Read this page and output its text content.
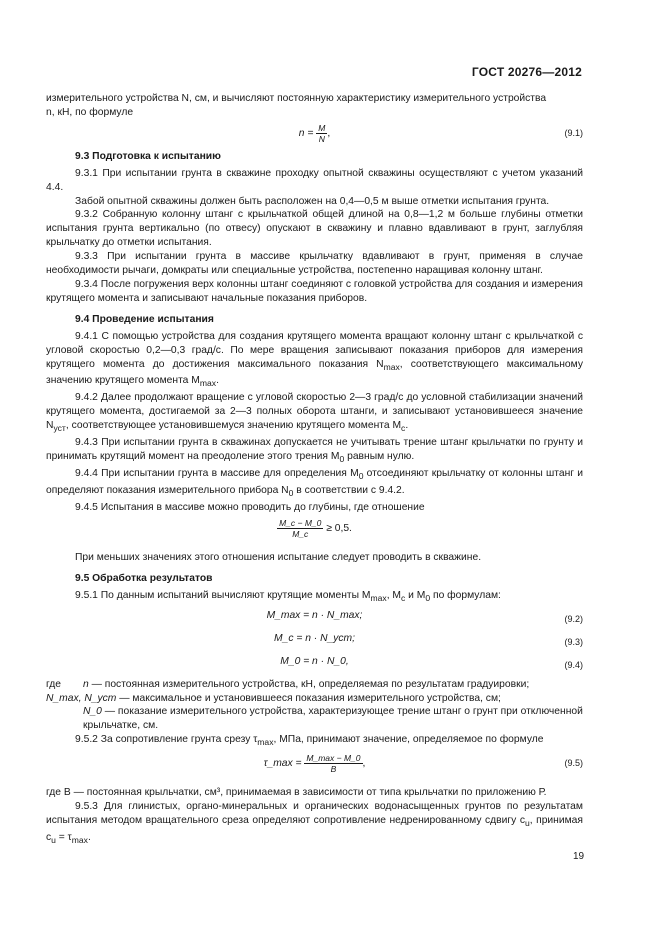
ГОСТ 20276—2012

измерительного устройства N, см, и вычисляют постоянную характеристику измерительного устройства
n, кН, по формуле

$n = \frac{M}{N}$ ,	(9.1)

9.3 Подготовка к испытанию

9.3.1 При испытании грунта в скважине проходку опытной скважины осуществляют с учетом указаний 4.4.

Забой опытной скважины должен быть расположен на 0,4—0,5 м выше отметки испытания грунта.

9.3.2 Собранную колонну штанг с крыльчаткой общей длиной на 0,8—1,2 м больше глубины отметки испытания грунта вертикально (по отвесу) опускают в скважину и плавно вдавливают в грунт, заглубляя крыльчатку до отметки испытания.

9.3.3 При испытании грунта в массиве крыльчатку вдавливают в грунт, применяя в случае необходимости рычаги, домкраты или специальные устройства, постепенно наращивая колонну штанг.

9.3.4 После погружения верх колонны штанг соединяют с головкой устройства для создания и измерения крутящего момента и записывают начальные показания приборов.

9.4 Проведение испытания

9.4.1 С помощью устройства для создания крутящего момента вращают колонну штанг с крыльчаткой с угловой скоростью 0,2—0,3 град/с. По мере вращения записывают показания приборов для измерения крутящего момента до достижения максимального показания $N_{max}$, соответствующего максимальному значению крутящего момента $M_{max}$.

9.4.2 Далее продолжают вращение с угловой скоростью 2—3 град/с до условной стабилизации значений крутящего момента, достигаемой за 2—3 полных оборота штанги, и записывают установившееся значение $N_{уст}$, соответствующее установившемуся значению крутящего момента $M_с$.

9.4.3 При испытании грунта в скважинах допускается не учитывать трение штанг крыльчатки по грунту и принимать крутящий момент на преодоление этого трения $M_0$ равным нулю.

9.4.4 При испытании грунта в массиве для определения $M_0$ отсоединяют крыльчатку от колонны штанг и определяют показания измерительного прибора $N_0$ в соответствии с 9.4.2.

9.4.5 Испытания в массиве можно проводить до глубины, где отношение

$\frac{M\_c - M\_0}{M\_c} \ge 0,5$.

При меньших значениях этого отношения испытание следует проводить в скважине.

9.5 Обработка результатов

9.5.1 По данным испытаний вычисляют крутящие моменты $M_{max}$, $M_c$ и $M_0$ по формулам:

M_max = n · N_max;	(9.2)
M_c = n · N_уст;	(9.3)
M_0 = n · N_0,	(9.4)
где	n — постоянная измерительного устройства, кН, определяемая по результатам градуировки;
N_max, N_уст — максимальное и установившееся показания измерительного устройства, см;
N_0 — показание измерительного устройства, характеризующее трение штанг о грунт при отключенной крыльчатке, см.

9.5.2 За сопротивление грунта срезу $\tau_{max}$, МПа, принимают значение, определяемое по формуле

τ_max = $\frac{M\_\max - M\_0}{B}$ ,	(9.5)

где B — постоянная крыльчатки, см³, принимаемая в зависимости от типа крыльчатки по приложению Р.

9.5.3 Для глинистых, органо-минеральных и органических водонасыщенных грунтов по результатам испытания методом вращательного среза определяют сопротивление недренированному сдвигу $c_u$, принимая $c_u = \tau_{max}$.

19
